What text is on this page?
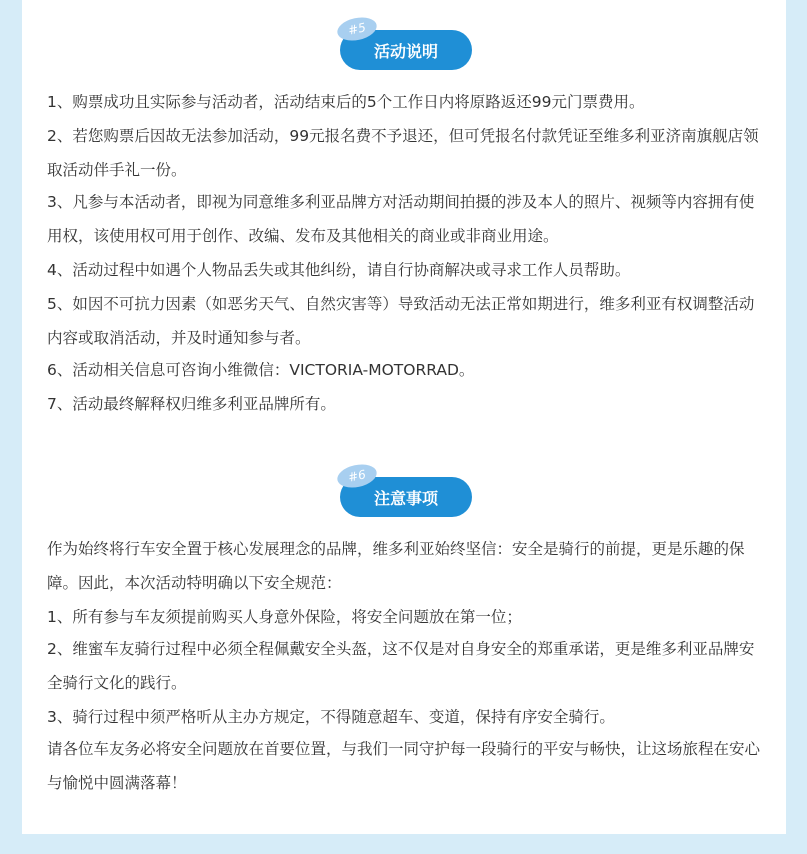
活动说明
#5

1、购票成功且实际参与活动者，活动结束后的5个工作日内将原路返还99元门票费用。

2、若您购票后因故无法参加活动，99元报名费不予退还，但可凭报名付款凭证至维多利亚济南旗舰店领取活动伴手礼一份。

3、凡参与本活动者，即视为同意维多利亚品牌方对活动期间拍摄的涉及本人的照片、视频等内容拥有使用权，该使用权可用于创作、改编、发布及其他相关的商业或非商业用途。

4、活动过程中如遇个人物品丢失或其他纠纷，请自行协商解决或寻求工作人员帮助。

5、如因不可抗力因素（如恶劣天气、自然灾害等）导致活动无法正常如期进行，维多利亚有权调整活动内容或取消活动，并及时通知参与者。

6、活动相关信息可咨询小维微信：VICTORIA-MOTORRAD。

7、活动最终解释权归维多利亚品牌所有。

注意事项
#6

作为始终将行车安全置于核心发展理念的品牌，维多利亚始终坚信：安全是骑行的前提，更是乐趣的保障。因此，本次活动特明确以下安全规范：

1、所有参与车友须提前购买人身意外保险，将安全问题放在第一位；

2、维蜜车友骑行过程中必须全程佩戴安全头盔，这不仅是对自身安全的郑重承诺，更是维多利亚品牌安全骑行文化的践行。

3、骑行过程中须严格听从主办方规定，不得随意超车、变道，保持有序安全骑行。

请各位车友务必将安全问题放在首要位置，与我们一同守护每一段骑行的平安与畅快，让这场旅程在安心与愉悦中圆满落幕！
